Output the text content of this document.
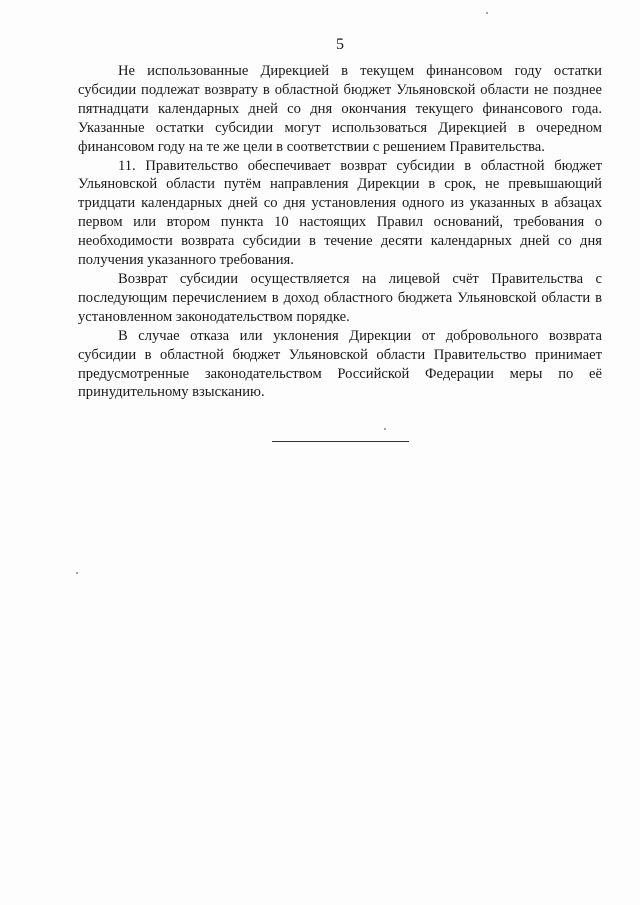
5

Не использованные Дирекцией в текущем финансовом году остатки субсидии подлежат возврату в областной бюджет Ульяновской области не позднее пятнадцати календарных дней со дня окончания текущего финансового года. Указанные остатки субсидии могут использоваться Дирекцией в очередном финансовом году на те же цели в соответствии с решением Правительства.

11. Правительство обеспечивает возврат субсидии в областной бюджет Ульяновской области путём направления Дирекции в срок, не превышающий тридцати календарных дней со дня установления одного из указанных в абзацах первом или втором пункта 10 настоящих Правил оснований, требования о необходимости возврата субсидии в течение десяти календарных дней со дня получения указанного требования.

Возврат субсидии осуществляется на лицевой счёт Правительства с последующим перечислением в доход областного бюджета Ульяновской области в установленном законодательством порядке.

В случае отказа или уклонения Дирекции от добровольного возврата субсидии в областной бюджет Ульяновской области Правительство принимает предусмотренные законодательством Российской Федерации меры по её принудительному взысканию.
